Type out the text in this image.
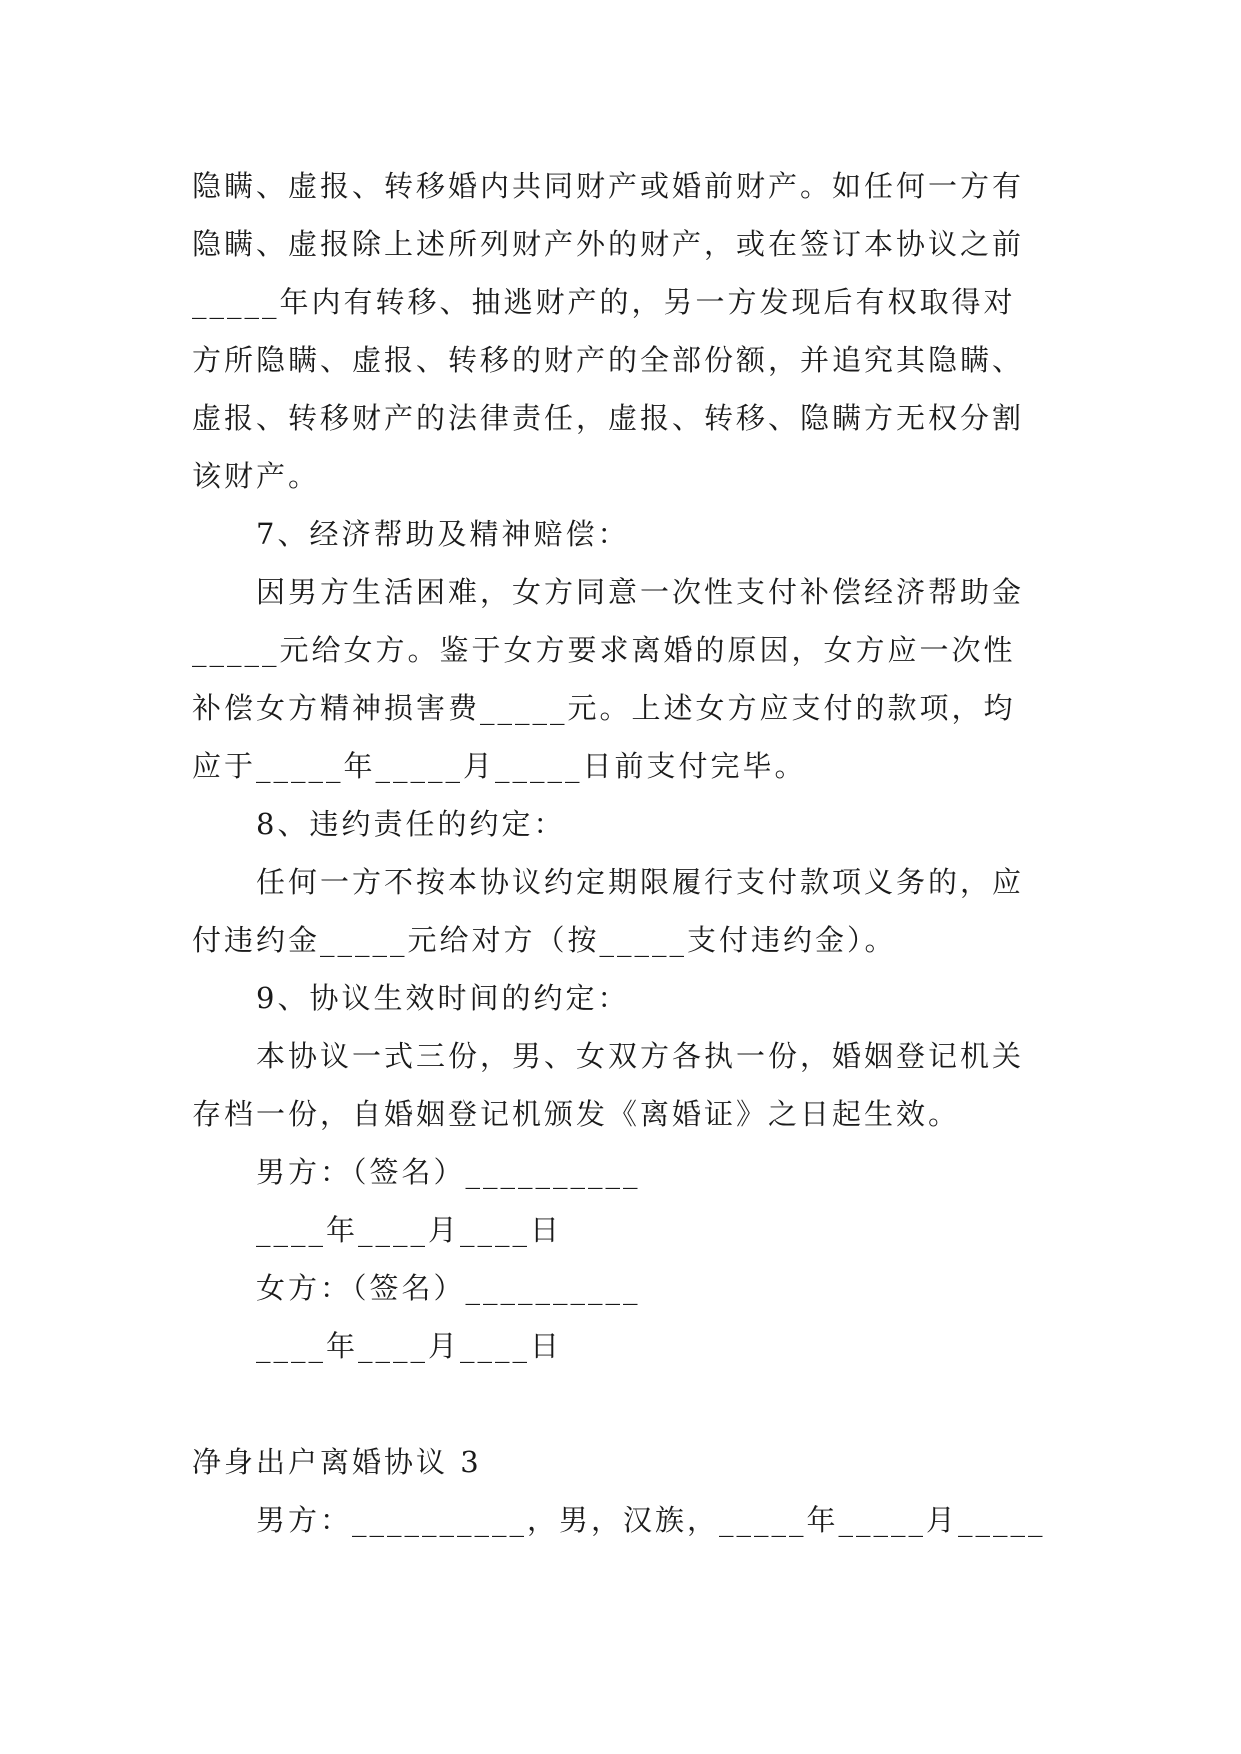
隐瞒、虚报、转移婚内共同财产或婚前财产。如任何一方有
隐瞒、虚报除上述所列财产外的财产，或在签订本协议之前
_____年内有转移、抽逃财产的，另一方发现后有权取得对
方所隐瞒、虚报、转移的财产的全部份额，并追究其隐瞒、
虚报、转移财产的法律责任，虚报、转移、隐瞒方无权分割
该财产。
7、经济帮助及精神赔偿：
因男方生活困难，女方同意一次性支付补偿经济帮助金
_____元给女方。鉴于女方要求离婚的原因，女方应一次性
补偿女方精神损害费_____元。上述女方应支付的款项，均
应于_____年_____月_____日前支付完毕。
8、违约责任的约定：
任何一方不按本协议约定期限履行支付款项义务的，应
付违约金_____元给对方（按_____支付违约金）。
9、协议生效时间的约定：
本协议一式三份，男、女双方各执一份，婚姻登记机关
存档一份，自婚姻登记机颁发《离婚证》之日起生效。
男方：（签名）__________
____年____月____日
女方：（签名）__________
____年____月____日
净身出户离婚协议 3
男方：__________，男，汉族，_____年_____月_____
